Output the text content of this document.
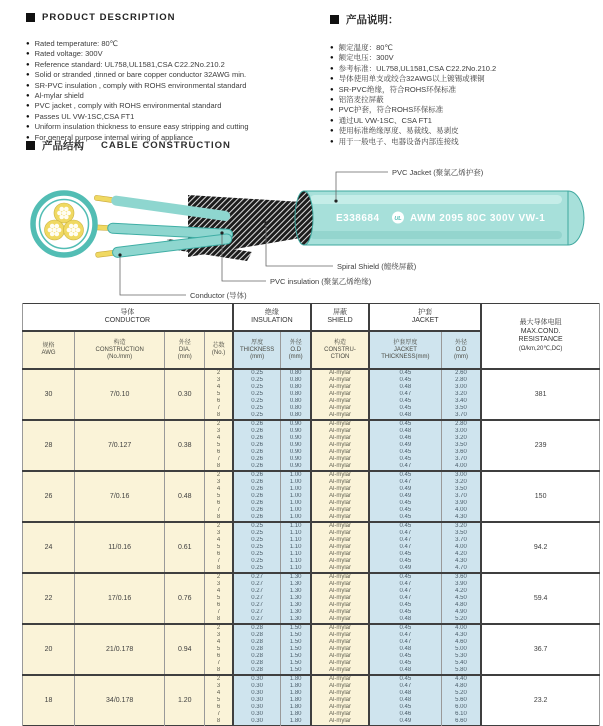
PRODUCT DESCRIPTION
● Rated temperature: 80℃
● Rated voltage: 300V
● Reference standard: UL758,UL1581,CSA C22.2No.210.2
● Solid or stranded ,tinned or bare copper conductor 32AWG min.
● SR-PVC insulation , comply with ROHS environmental standard
● Al-mylar shield
● PVC jacket , comply with ROHS environmental standard
● Passes UL VW-1SC,CSA FT1
● Uniform insulation thickness to ensure easy stripping and cutting
● For general purpose internal wiring of appliance
产品说明：
● 额定温度：80℃
● 额定电压：300V
● 参考标准：UL758,UL1581,CSA C22.2No.210.2
● 导体使用单支或绞合32AWG以上镀锡或裸铜
● SR-PVC绝缘，符合ROHS环保标准
● 铝箔麦拉屏蔽
● PVC护套，符合ROHS环保标准
● 通过UL VW-1SC、CSA FT1
● 使用标准绝缘厚度、易裁线、易剥皮
● 用于一般电子、电器设备内部连接线
产品结构 CABLE CONSTRUCTION
E338684	UL AWM 2095 80C 300V VW-1
PVC Jacket (聚氯乙烯护套)
Spiral Shield (缠绕屏蔽)
PVC insulation (聚氯乙烯绝缘)
Conductor (导体)
导体
CONDUCTOR

绝缘
INSULATION

屏蔽
SHIELD

护套
JACKET	最大导体电阻
MAX.COND.
RESISTANCE
(Ω/km,20℃,DC)

规格
AWG

构造
CONSTRUCTION
(No./mm)

外径
DIA.
(mm)

芯数
(No.)

厚度
THICKNESS
(mm)

外径
O.D
(mm)

构造
CONSTRU-
CTION

护套厚度
JACKET
THICKNESS(mm)

外径
O.D
(mm)

30	7/0.10	0.30	2	0.25	0.80	Al-mylar	0.45	2.60	381
			3	0.25	0.80	Al-mylar	0.45	2.80	
			4	0.25	0.80	Al-mylar	0.48	3.00	
			5	0.25	0.80	Al-mylar	0.47	3.20	
			6	0.25	0.80	Al-mylar	0.45	3.40	
			7	0.25	0.80	Al-mylar	0.45	3.50	
			8	0.25	0.80	Al-mylar	0.48	3.70	
28	7/0.127	0.38	2	0.26	0.90	Al-mylar	0.45	2.80	239
			3	0.26	0.90	Al-mylar	0.48	3.00	
			4	0.26	0.90	Al-mylar	0.46	3.20	
			5	0.26	0.90	Al-mylar	0.49	3.50	
			6	0.26	0.90	Al-mylar	0.45	3.60	
			7	0.26	0.90	Al-mylar	0.45	3.70	
			8	0.26	0.90	Al-mylar	0.47	4.00	
26	7/0.16	0.48	2	0.26	1.00	Al-mylar	0.45	3.00	150
			3	0.26	1.00	Al-mylar	0.47	3.20	
			4	0.26	1.00	Al-mylar	0.49	3.50	
			5	0.26	1.00	Al-mylar	0.49	3.70	
			6	0.26	1.00	Al-mylar	0.45	3.90	
			7	0.26	1.00	Al-mylar	0.45	4.00	
			8	0.26	1.00	Al-mylar	0.45	4.30	
24	11/0.16	0.61	2	0.25	1.10	Al-mylar	0.45	3.20	94.2
			3	0.25	1.10	Al-mylar	0.47	3.50	
			4	0.25	1.10	Al-mylar	0.47	3.70	
			5	0.25	1.10	Al-mylar	0.47	4.00	
			6	0.25	1.10	Al-mylar	0.45	4.20	
			7	0.25	1.10	Al-mylar	0.45	4.30	
			8	0.25	1.10	Al-mylar	0.49	4.70	
22	17/0.16	0.76	2	0.27	1.30	Al-mylar	0.45	3.60	59.4
			3	0.27	1.30	Al-mylar	0.47	3.90	
			4	0.27	1.30	Al-mylar	0.47	4.20	
			5	0.27	1.30	Al-mylar	0.47	4.50	
			6	0.27	1.30	Al-mylar	0.45	4.80	
			7	0.27	1.30	Al-mylar	0.45	4.90	
			8	0.27	1.30	Al-mylar	0.48	5.20	
20	21/0.178	0.94	2	0.28	1.50	Al-mylar	0.45	4.00	36.7
			3	0.28	1.50	Al-mylar	0.47	4.30	
			4	0.28	1.50	Al-mylar	0.47	4.60	
			5	0.28	1.50	Al-mylar	0.48	5.00	
			6	0.28	1.50	Al-mylar	0.45	5.30	
			7	0.28	1.50	Al-mylar	0.45	5.40	
			8	0.28	1.50	Al-mylar	0.48	5.80	
18	34/0.178	1.20	2	0.30	1.80	Al-mylar	0.45	4.40	23.2
			3	0.30	1.80	Al-mylar	0.47	4.80	
			4	0.30	1.80	Al-mylar	0.48	5.20	
			5	0.30	1.80	Al-mylar	0.48	5.60	
			6	0.30	1.80	Al-mylar	0.45	6.00	
			7	0.30	1.80	Al-mylar	0.46	6.10	
			8	0.30	1.80	Al-mylar	0.49	6.60	
